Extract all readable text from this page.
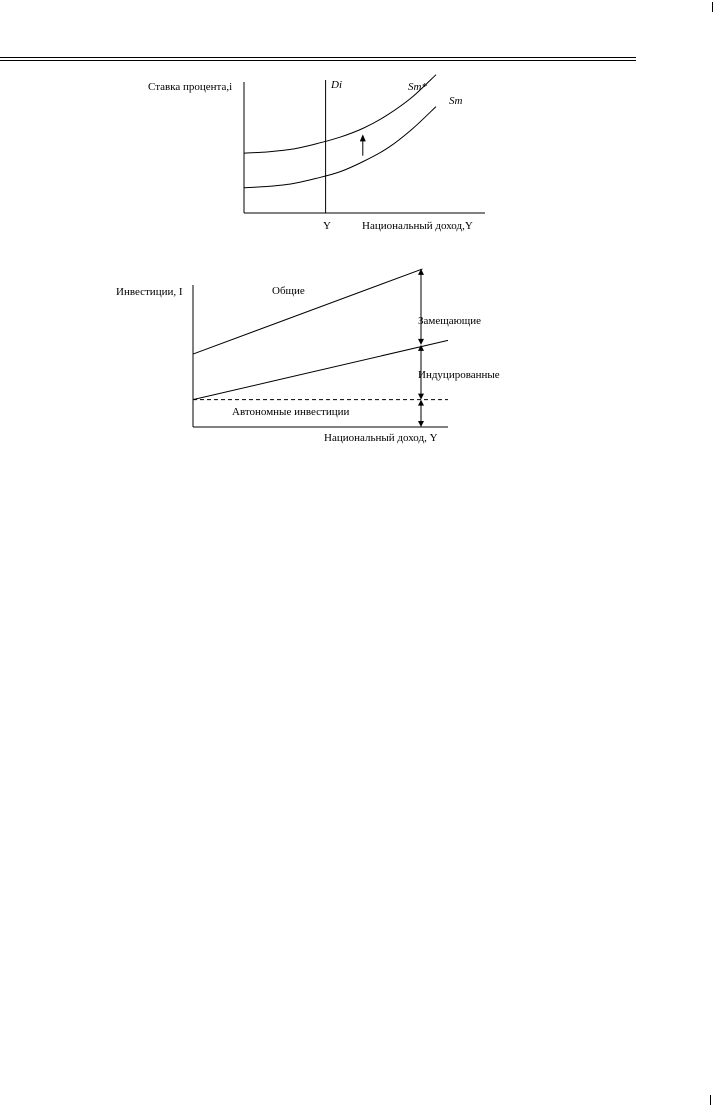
Ставка процента,i
Национальный доход,Y
Y
Di	Sm*
Sm
Инвестиции, I
Национальный доход, Y
Общие
Автономные инвестиции
Замещающие
Индуцированные
